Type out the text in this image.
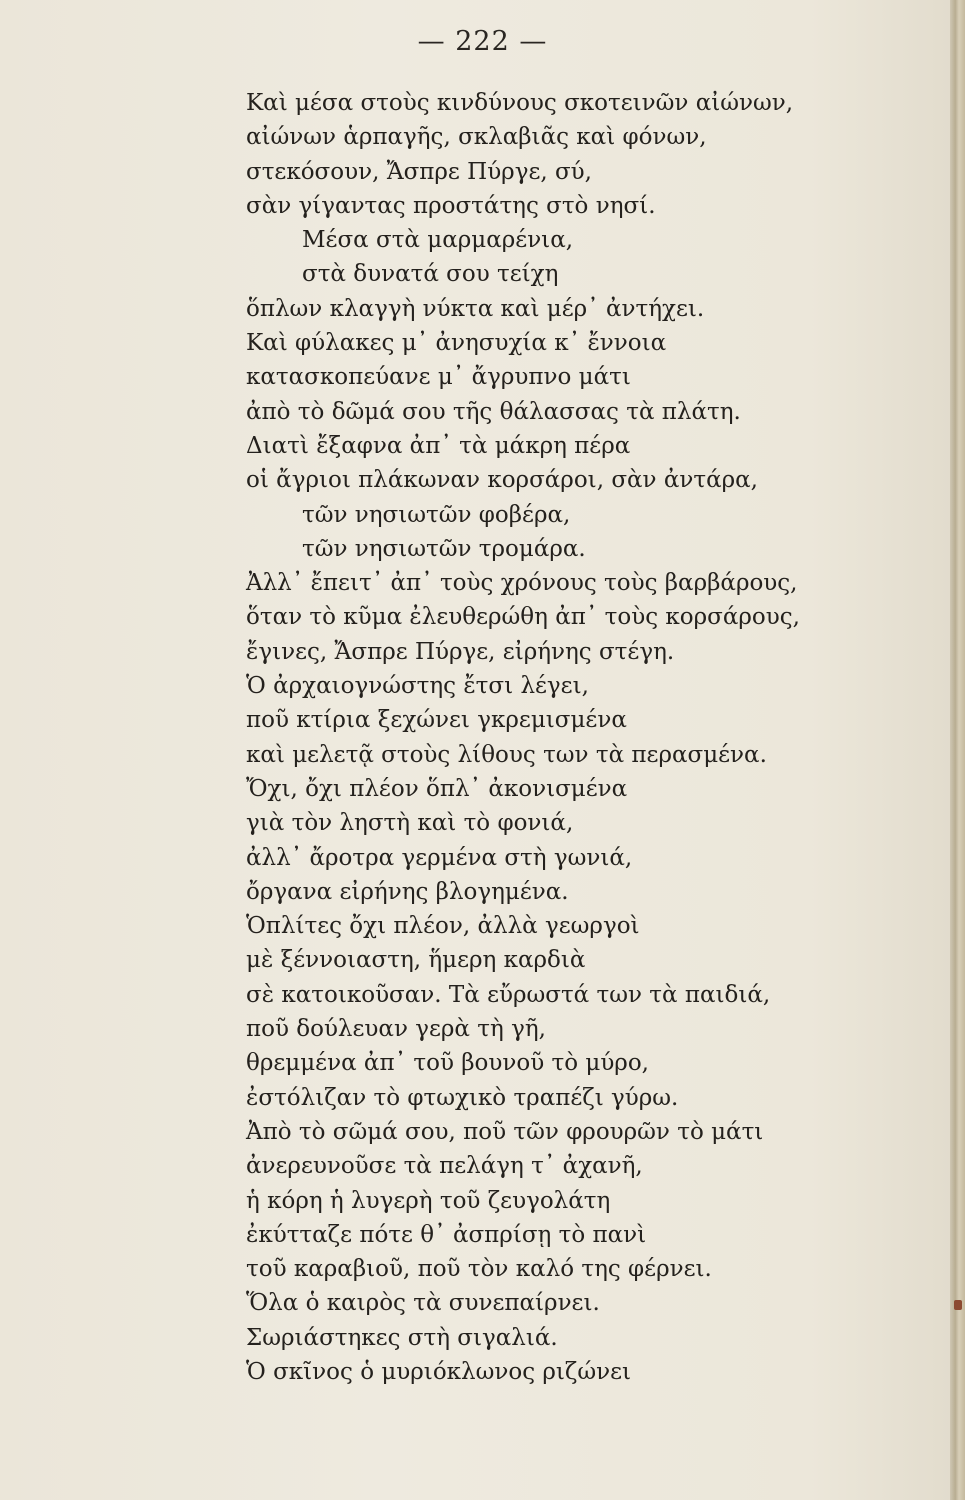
— 222 —
Καὶ μέσα στοὺς κινδύνους σκοτεινῶν αἰώνων,
αἰώνων ἁρπαγῆς, σκλαβιᾶς καὶ φόνων,
στεκόσουν, Ἄσπρε Πύργε, σύ,
σὰν γίγαντας προστάτης στὸ νησί.
Μέσα στὰ μαρμαρένια,
στὰ δυνατά σου τείχη
ὅπλων κλαγγὴ νύκτα καὶ μέρ᾽ ἀντήχει.
Καὶ φύλακες μ᾽ ἀνησυχία κ᾽ ἔννοια
κατασκοπεύανε μ᾽ ἄγρυπνο μάτι
ἀπὸ τὸ δῶμά σου τῆς θάλασσας τὰ πλάτη.
Διατὶ ἔξαφνα ἀπ᾽ τὰ μάκρη πέρα
οἱ ἄγριοι πλάκωναν κορσάροι, σὰν ἀντάρα,
τῶν νησιωτῶν φοβέρα,
τῶν νησιωτῶν τρομάρα.
Ἀλλ᾽ ἔπειτ᾽ ἀπ᾽ τοὺς χρόνους τοὺς βαρβάρους,
ὅταν τὸ κῦμα ἐλευθερώθη ἀπ᾽ τοὺς κορσάρους,
ἔγινες, Ἄσπρε Πύργε, εἰρήνης στέγη.
Ὁ ἀρχαιογνώστης ἔτσι λέγει,
ποῦ κτίρια ξεχώνει γκρεμισμένα
καὶ μελετᾷ στοὺς λίθους των τὰ περασμένα.
Ὄχι, ὄχι πλέον ὅπλ᾽ ἀκονισμένα
γιὰ τὸν ληστὴ καὶ τὸ φονιά,
ἀλλ᾽ ἄροτρα γερμένα στὴ γωνιά,
ὄργανα εἰρήνης βλογημένα.
Ὁπλίτες ὄχι πλέον, ἀλλὰ γεωργοὶ
μὲ ξέννοιαστη, ἥμερη καρδιὰ
σὲ κατοικοῦσαν. Τὰ εὔρωστά των τὰ παιδιά,
ποῦ δούλευαν γερὰ τὴ γῆ,
θρεμμένα ἀπ᾽ τοῦ βουνοῦ τὸ μύρο,
ἐστόλιζαν τὸ φτωχικὸ τραπέζι γύρω.
Ἀπὸ τὸ σῶμά σου, ποῦ τῶν φρουρῶν τὸ μάτι
ἀνερευνοῦσε τὰ πελάγη τ᾽ ἀχανῆ,
ἡ κόρη ἡ λυγερὴ τοῦ ζευγολάτη
ἐκύτταζε πότε θ᾽ ἀσπρίσῃ τὸ πανὶ
τοῦ καραβιοῦ, ποῦ τὸν καλό της φέρνει.
Ὅλα ὁ καιρὸς τὰ συνεπαίρνει.
Σωριάστηκες στὴ σιγαλιά.
Ὁ σκῖνος ὁ μυριόκλωνος ριζώνει
